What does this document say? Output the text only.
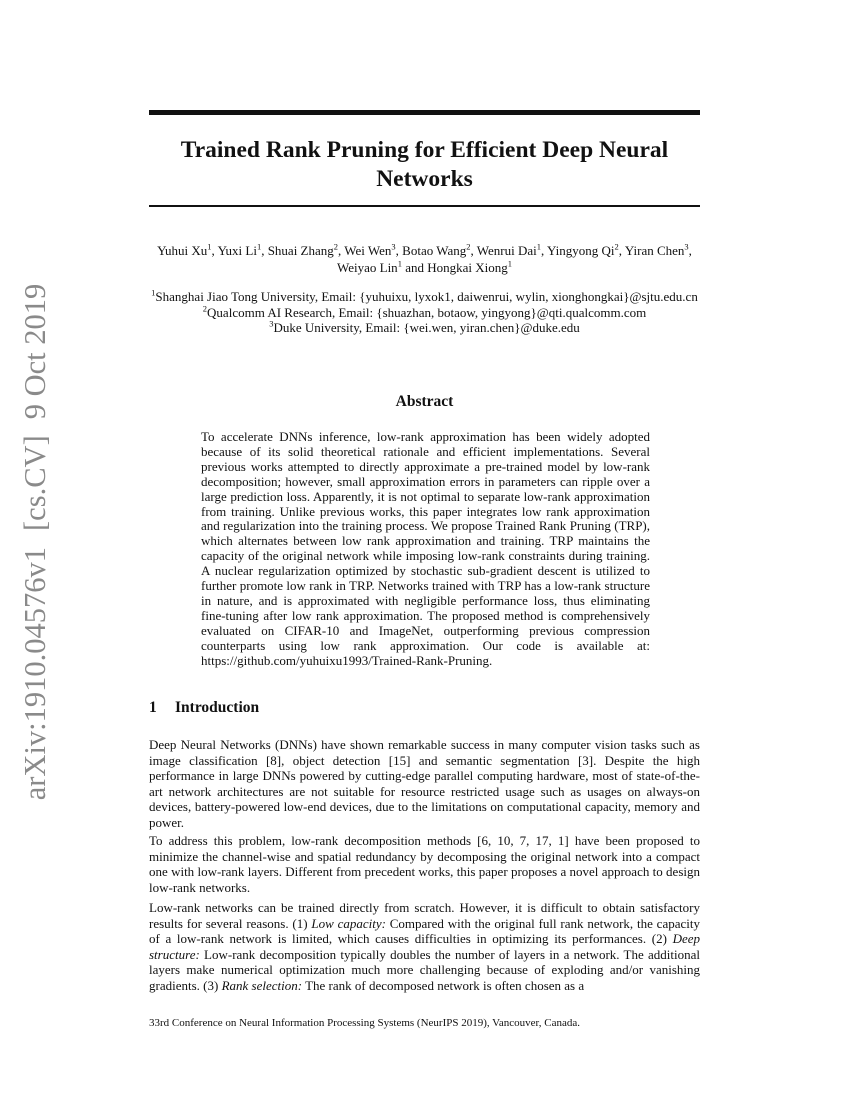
arXiv:1910.04576v1
[cs.CV]
9 Oct 2019
Trained Rank Pruning for Efficient Deep Neural Networks
Yuhui Xu$^1$, Yuxi Li$^1$, Shuai Zhang$^2$, Wei Wen$^3$, Botao Wang$^2$, Wenrui Dai$^1$, Yingyong Qi$^2$, Yiran Chen$^3$, Weiyao Lin$^1$ and Hongkai Xiong$^1$
$^1$Shanghai Jiao Tong University, Email: {yuhuixu, lyxok1, daiwenrui, wylin, xionghongkai}@sjtu.edu.cn
$^2$Qualcomm AI Research, Email: {shuazhan, botaow, yingyong}@qti.qualcomm.com
$^3$Duke University, Email: {wei.wen, yiran.chen}@duke.edu
Abstract

To accelerate DNNs inference, low-rank approximation has been widely adopted because of its solid theoretical rationale and efficient implementations. Several previous works attempted to directly approximate a pre-trained model by low-rank decomposition; however, small approximation errors in parameters can ripple over a large prediction loss. Apparently, it is not optimal to separate low-rank approximation from training. Unlike previous works, this paper integrates low rank approximation and regularization into the training process. We propose Trained Rank Pruning (TRP), which alternates between low rank approximation and training. TRP maintains the capacity of the original network while imposing low-rank constraints during training. A nuclear regularization optimized by stochastic sub-gradient descent is utilized to further promote low rank in TRP. Networks trained with TRP has a low-rank structure in nature, and is approximated with negligible performance loss, thus eliminating fine-tuning after low rank approximation. The proposed method is comprehensively evaluated on CIFAR-10 and ImageNet, outperforming previous compression counterparts using low rank approximation. Our code is available at: https://github.com/yuhuixu1993/Trained-Rank-Pruning.

1 Introduction

Deep Neural Networks (DNNs) have shown remarkable success in many computer vision tasks such as image classification [8], object detection [15] and semantic segmentation [3]. Despite the high performance in large DNNs powered by cutting-edge parallel computing hardware, most of state-of-the-art network architectures are not suitable for resource restricted usage such as usages on always-on devices, battery-powered low-end devices, due to the limitations on computational capacity, memory and power.

To address this problem, low-rank decomposition methods [6, 10, 7, 17, 1] have been proposed to minimize the channel-wise and spatial redundancy by decomposing the original network into a compact one with low-rank layers. Different from precedent works, this paper proposes a novel approach to design low-rank networks.

Low-rank networks can be trained directly from scratch. However, it is difficult to obtain satisfactory results for several reasons. (1) Low capacity: Compared with the original full rank network, the capacity of a low-rank network is limited, which causes difficulties in optimizing its performances. (2) Deep structure: Low-rank decomposition typically doubles the number of layers in a network. The additional layers make numerical optimization much more challenging because of exploding and/or vanishing gradients. (3) Rank selection: The rank of decomposed network is often chosen as a

33rd Conference on Neural Information Processing Systems (NeurIPS 2019), Vancouver, Canada.
